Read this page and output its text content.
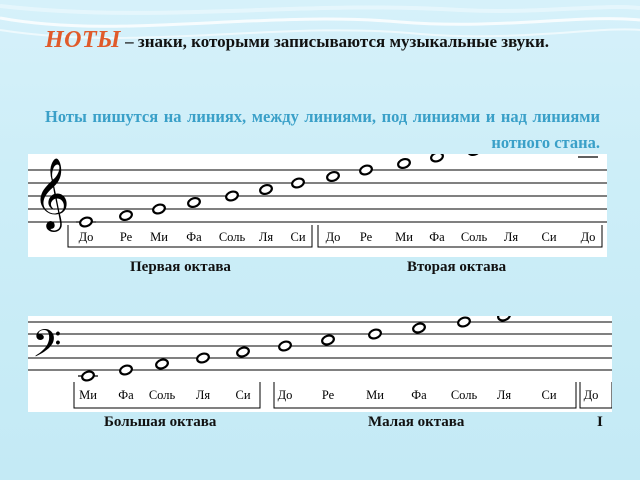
НОТЫ – знаки, которыми записываются музыкальные звуки.
Ноты пишутся на линиях, между линиями, под линиями и над линиями нотного стана.
𝄞
До Ре Ми Фа Соль Ля Си До Ре Ми Фа Соль Ля Си До
Первая октава	Вторая октава
𝄢
Ми Фа Соль Ля Си До Ре	Ми Фа Соль Ля Си До
Большая октава	Малая октава	I
